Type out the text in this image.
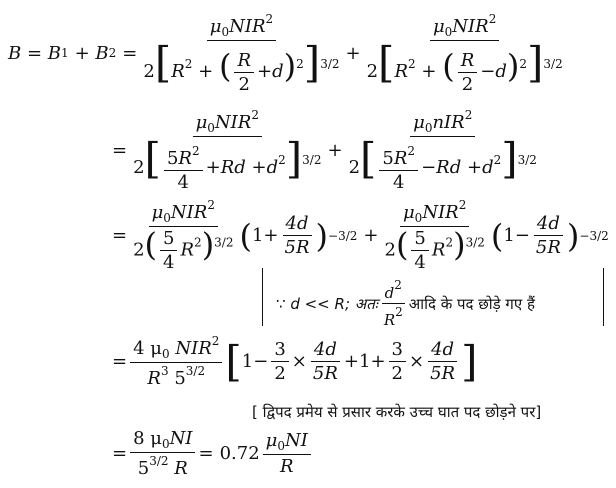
B = B 1 + B $2 = \frac{\mu_0NIR^2}{2[R^2 + ( \frac{R}{2} +d)^2]^{3/2}} + \frac{\mu_0NIR^2}{2[R^2 + ( \frac{R}{2} -d)^2]^{3/2}}$
= $\frac{\mu_0NIR^2}{2[ \frac{5R^2}{4} +Rd +d^2]^{3/2}} + \frac{\mu_0nIR^2}{2[ \frac{5R^2}{4} -Rd +d^2]^{3/2}}$
= $\frac{\mu_0NIR^2}{2( \frac{5}{4} R^2)^{3/2}}$ ( $1 + \frac{4d}{5R}$ ) $-3/2 + \frac{\mu_0NIR^2}{2( \frac{5}{4} R^2)^{3/2}}$ ( $1 - \frac{4d}{5R}$ ) −3/2
∵
d << R; अतः $\frac{d^2}{R^2}$ आदि के पद छोड़े गए हैं
= $\frac{4 \mu_0 NIR^2}{R^3 5^{3/2}}$ [ $1 - \frac{3}{2} \times \frac{4d}{5R} + 1 + \frac{3}{2} \times \frac{4d}{5R}$ ]
[ द्विपद प्रमेय से प्रसार करके उच्च घात पद छोड़ने पर]
= $\frac{8 \mu_0NI}{5^{3/2} R} = 0.72 \frac{\mu_0NI}{R}$
